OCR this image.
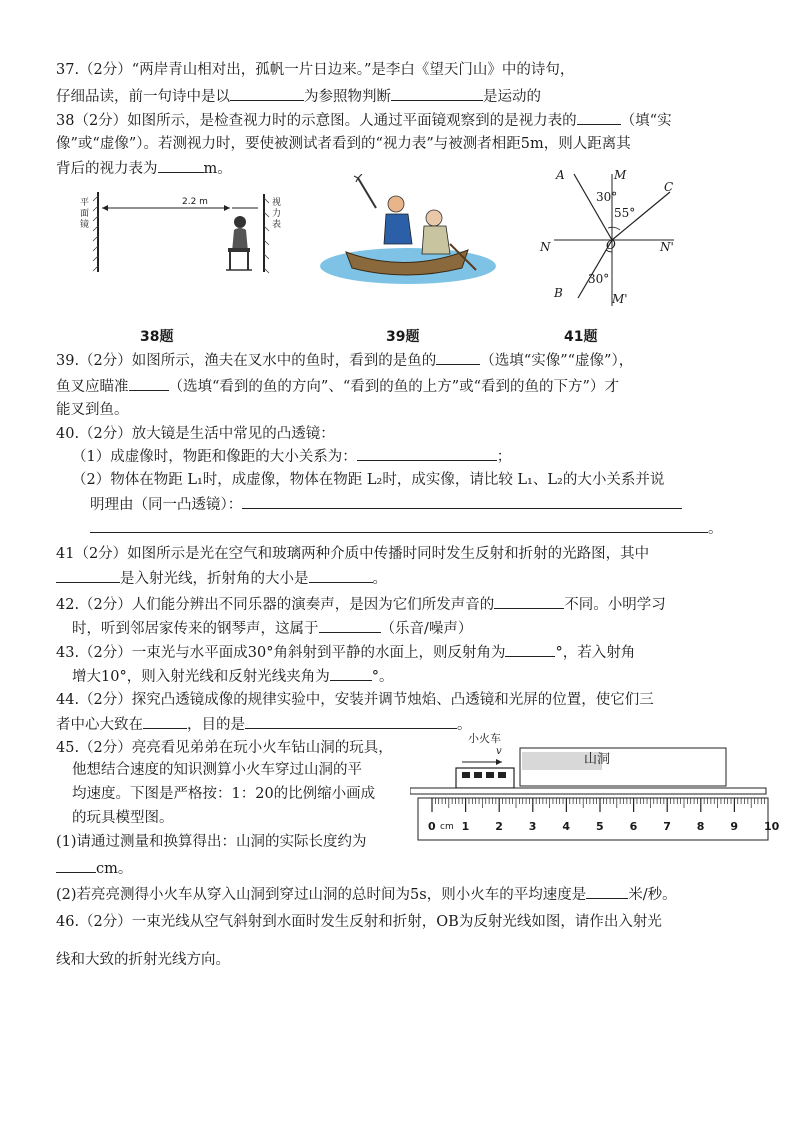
37.（2分）“两岸青山相对出，孤帆一片日边来。”是李白《望天门山》中的诗句，
仔细品读，前一句诗中是以	为参照物判断	是运动的
38（2分）如图所示，是检查视力时的示意图。人通过平面镜观察到的是视力表的	（填“实
像”或“虚像”）。若测视力时，要使被测试者看到的“视力表”与被测者相距5m，则人距离其
背后的视力表为	m。
平面镜
视力表
2.2 m
A	M
C
30°
55°
N	O	N'
30°
B	M'
38题	39题	41题
39.（2分）如图所示，渔夫在叉水中的鱼时，看到的是鱼的	（选填“实像”“虚像”），
鱼叉应瞄准	（选填“看到的鱼的方向”、“看到的鱼的上方”或“看到的鱼的下方”）才
能叉到鱼。
40.（2分）放大镜是生活中常见的凸透镜：
（1）成虚像时，物距和像距的大小关系为：	；
（2）物体在物距 L₁时，成虚像，物体在物距 L₂时，成实像，请比较 L₁、L₂的大小关系并说
明理由（同一凸透镜）：
。
41（2分）如图所示是光在空气和玻璃两种介质中传播时同时发生反射和折射的光路图，其中
是入射光线，折射角的大小是	。
42.（2分）人们能分辨出不同乐器的演奏声，是因为它们所发声音的	不同。小明学习
时，听到邻居家传来的钢琴声，这属于	（乐音/噪声）
43.（2分）一束光与水平面成30°角斜射到平静的水面上，则反射角为	°，若入射角
增大10°，则入射光线和反射光线夹角为	°。
44.（2分）探究凸透镜成像的规律实验中，安装并调节烛焰、凸透镜和光屏的位置，使它们三
者中心大致在	，目的是	。
45.（2分）亮亮看见弟弟在玩小火车钻山洞的玩具，
他想结合速度的知识测算小火车穿过山洞的平
均速度。下图是严格按：1：20的比例缩小画成
的玩具模型图。
(1)请通过测量和换算得出：山洞的实际长度约为
cm。
(2)若亮亮测得小火车从穿入山洞到穿过山洞的总时间为5s，则小火车的平均速度是	米/秒。
小火车
v
山洞
0 1 2 3 4 5 6 7 8 9 10
cm
46.（2分）一束光线从空气斜射到水面时发生反射和折射，OB为反射光线如图，请作出入射光
线和大致的折射光线方向。
